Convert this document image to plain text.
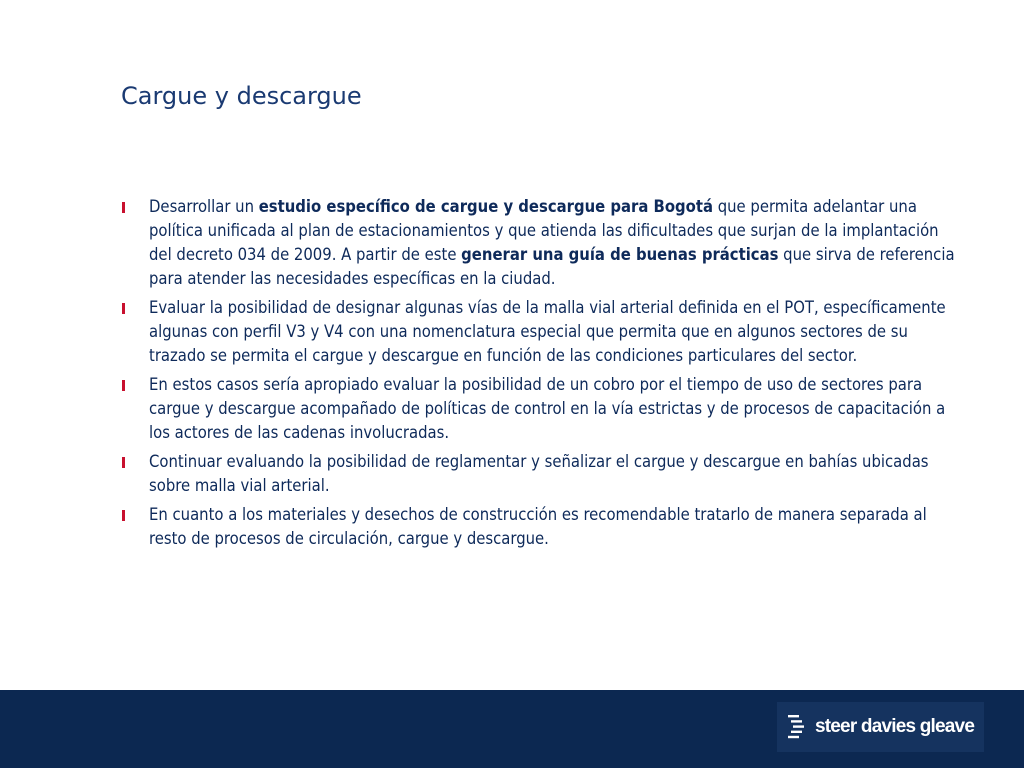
Cargue y descargue
Desarrollar un estudio específico de cargue y descargue para Bogotá que permita adelantar una política unificada al plan de estacionamientos y que atienda las dificultades que surjan de la implantación del decreto 034 de 2009. A partir de este generar una guía de buenas prácticas que sirva de referencia para atender las necesidades específicas en la ciudad.
Evaluar la posibilidad de designar algunas vías de la malla vial arterial definida en el POT, específicamente algunas con perfil V3 y V4 con una nomenclatura especial que permita que en algunos sectores de su trazado se permita el cargue y descargue en función de las condiciones particulares del sector.
En estos casos sería apropiado evaluar la posibilidad de un cobro por el tiempo de uso de sectores para cargue y descargue acompañado de políticas de control en la vía estrictas y de procesos de capacitación a los actores de las cadenas involucradas.
Continuar evaluando la posibilidad de reglamentar y señalizar el cargue y descargue en bahías ubicadas sobre malla vial arterial.
En cuanto a los materiales y desechos de construcción es recomendable tratarlo de manera separada al resto de procesos de circulación, cargue y descargue.
steer davies gleave
